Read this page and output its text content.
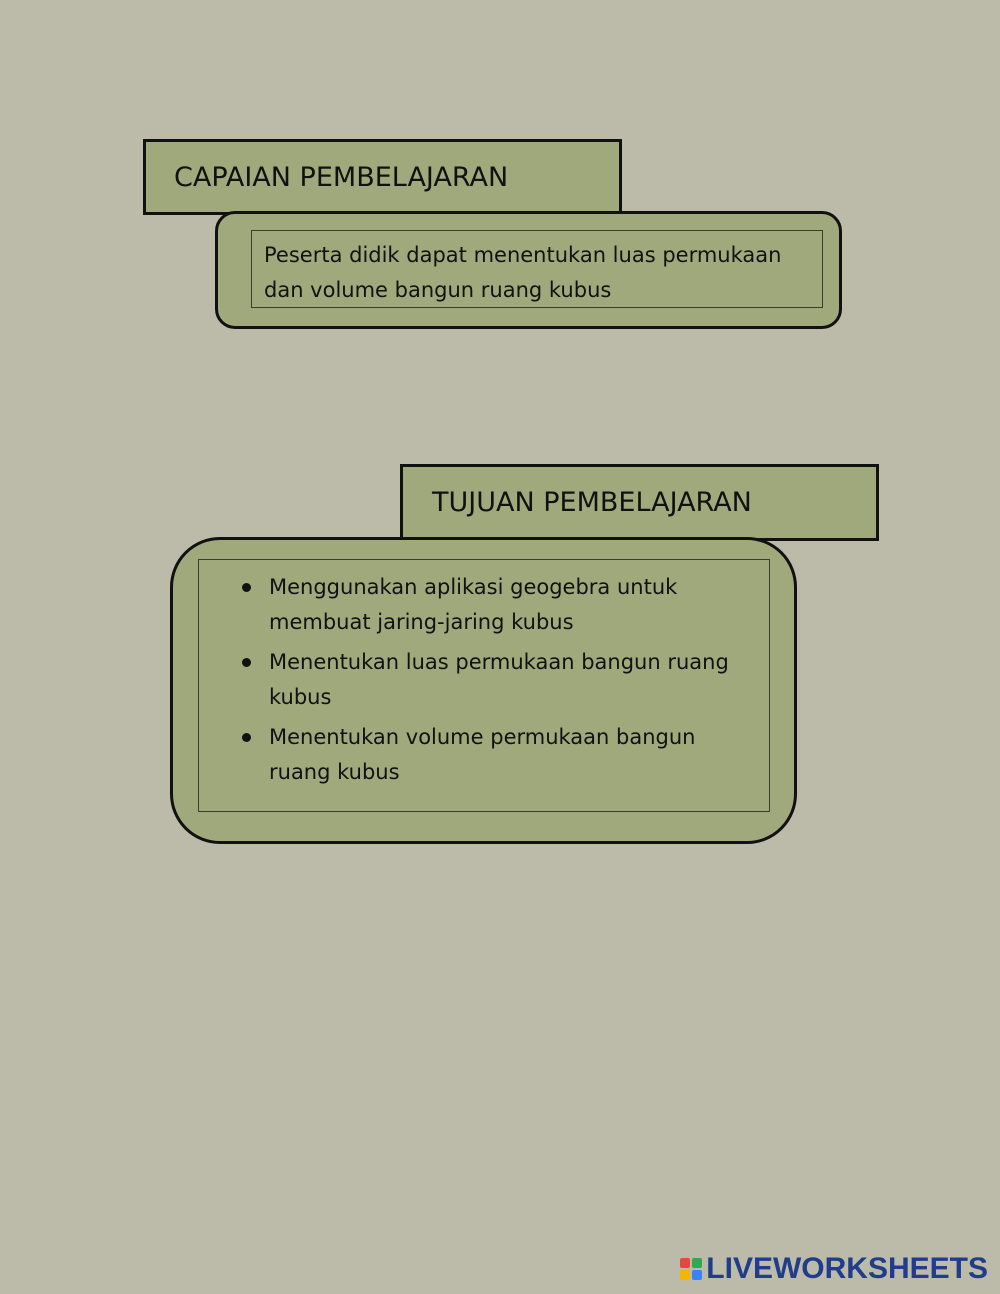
CAPAIAN PEMBELAJARAN
Peserta didik dapat menentukan luas permukaan dan volume bangun ruang kubus
TUJUAN PEMBELAJARAN
Menggunakan aplikasi geogebra untuk membuat jaring-jaring kubus
Menentukan luas permukaan bangun ruang kubus
Menentukan volume permukaan bangun ruang kubus
LIVEWORKSHEETS
